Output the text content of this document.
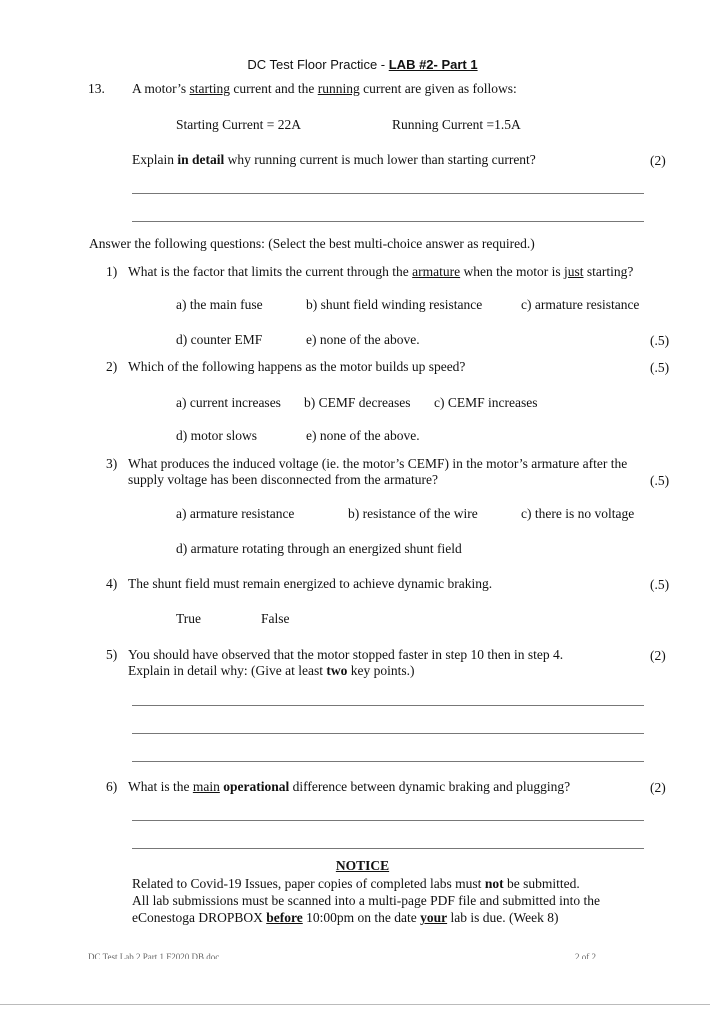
DC Test Floor Practice - LAB #2- Part 1
13. A motor’s starting current and the running current are given as follows:
Starting Current = 22A	Running Current =1.5A
Explain in detail why running current is much lower than starting current?	(2)
Answer the following questions: (Select the best multi-choice answer as required.)
1) What is the factor that limits the current through the armature when the motor is just starting?
a) the main fuse	b) shunt field winding resistance	c) armature resistance
d) counter EMF	e) none of the above.	(.5)
2) Which of the following happens as the motor builds up speed?	(.5)
a) current increases b) CEMF decreases c) CEMF increases
d) motor slows	e) none of the above.
3) What produces the induced voltage (ie. the motor’s CEMF) in the motor’s armature after the
supply voltage has been disconnected from the armature?	(.5)
a) armature resistance	b) resistance of the wire	c) there is no voltage
d) armature rotating through an energized shunt field
4) The shunt field must remain energized to achieve dynamic braking.	(.5)
True	False
5) You should have observed that the motor stopped faster in step 10 then in step 4.	(2)
Explain in detail why: (Give at least two key points.)
6) What is the main operational difference between dynamic braking and plugging?	(2)
NOTICE
Related to Covid-19 Issues, paper copies of completed labs must not be submitted.
All lab submissions must be scanned into a multi-page PDF file and submitted into the
eConestoga DROPBOX before 10:00pm on the date your lab is due. (Week 8)
DC Test Lab 2 Part 1 F2020 DB.doc	2 of 2
